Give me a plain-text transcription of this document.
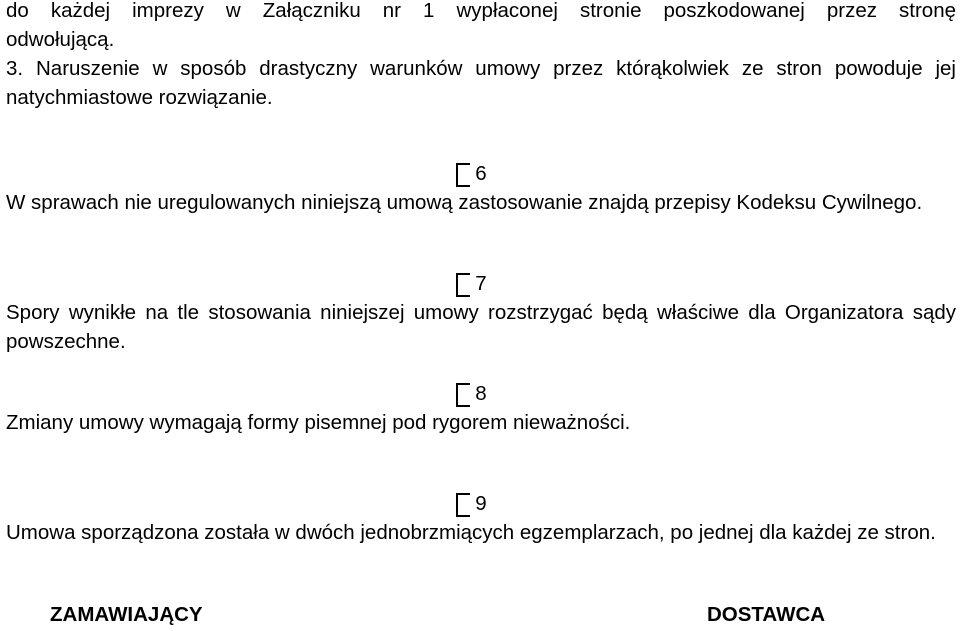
do każdej imprezy w Załączniku nr 1 wypłaconej stronie poszkodowanej przez stronę

odwołującą.

3. Naruszenie w sposób drastyczny warunków umowy przez którąkolwiek ze stron powoduje jej natychmiastowe rozwiązanie.

6

W sprawach nie uregulowanych niniejszą umową zastosowanie znajdą przepisy Kodeksu Cywilnego.

7

Spory wynikłe na tle stosowania niniejszej umowy rozstrzygać będą właściwe dla Organizatora sądy powszechne.

8

Zmiany umowy wymagają formy pisemnej pod rygorem nieważności.

9

Umowa sporządzona została w dwóch jednobrzmiących egzemplarzach, po jednej dla każdej ze stron.

ZAMAWIAJĄCY	DOSTAWCA
